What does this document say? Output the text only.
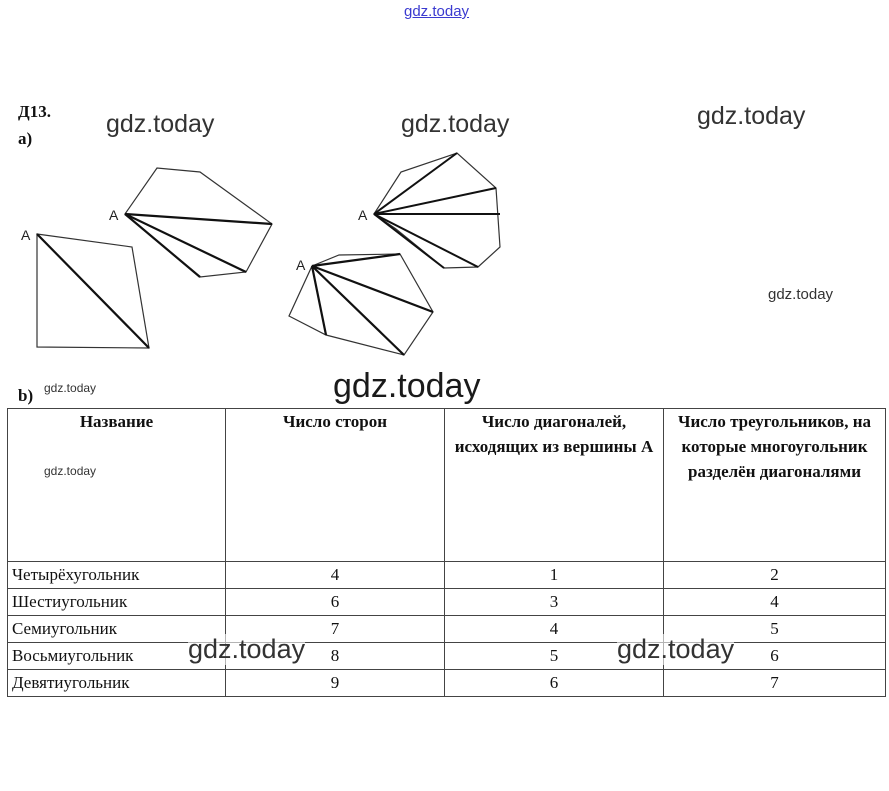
gdz.today
gdz.today	gdz.today	gdz.today
gdz.today
gdz.today
gdz.today
Д13.
а)
b)
A
A
A
A
Название	Число сторон	Число диагоналей, исходящих из вершины А	Число треугольников, на которые многоугольник разделён диагоналями
Четырёхугольник	4	1	2
Шестиугольник	6	3	4
Семиугольник	7	4	5
Восьмиугольник	8	5	6
Девятиугольник	9	6	7
gdz.today
gdz.today	gdz.today
